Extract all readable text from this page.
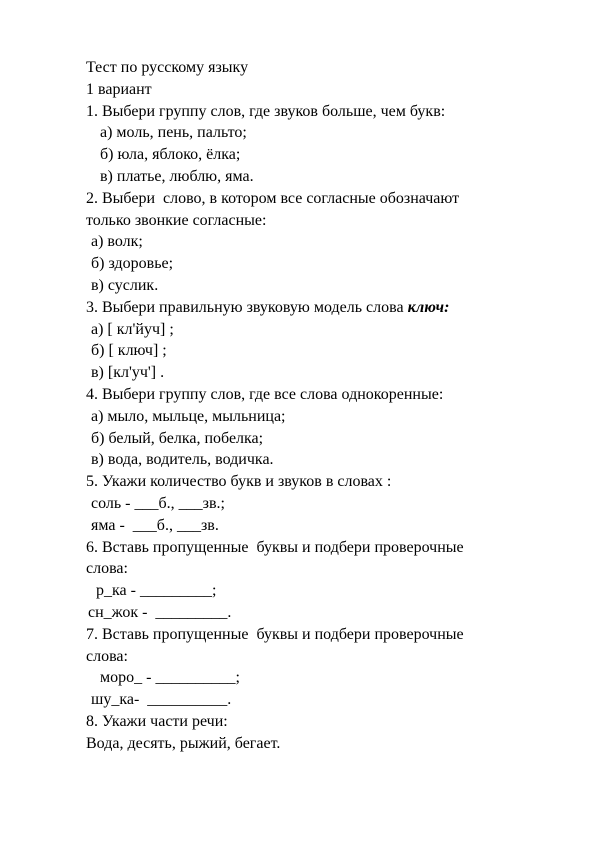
Тест по русскому языку
1 вариант
1. Выбери группу слов, где звуков больше, чем букв:
а) моль, пень, пальто;
б) юла, яблоко, ёлка;
в) платье, люблю, яма.
2. Выбери  слово, в котором все согласные обозначают
только звонкие согласные:
а) волк;
б) здоровье;
в) суслик.
3. Выбери правильную звуковую модель слова ключ:
а) [ кл'йуч] ;
б) [ ключ] ;
в) [кл'уч'] .
4. Выбери группу слов, где все слова однокоренные:
а) мыло, мыльце, мыльница;
б) белый, белка, побелка;
в) вода, водитель, водичка.
5. Укажи количество букв и звуков в словах :
соль - ___б., ___зв.;
яма -  ___б., ___зв.
6. Вставь пропущенные  буквы и подбери проверочные
слова:
р_ка - _________;
сн_жок -  _________.
7. Вставь пропущенные  буквы и подбери проверочные
слова:
моро_ - __________;
шу_ка-  __________.
8. Укажи части речи:
Вода, десять, рыжий, бегает.
